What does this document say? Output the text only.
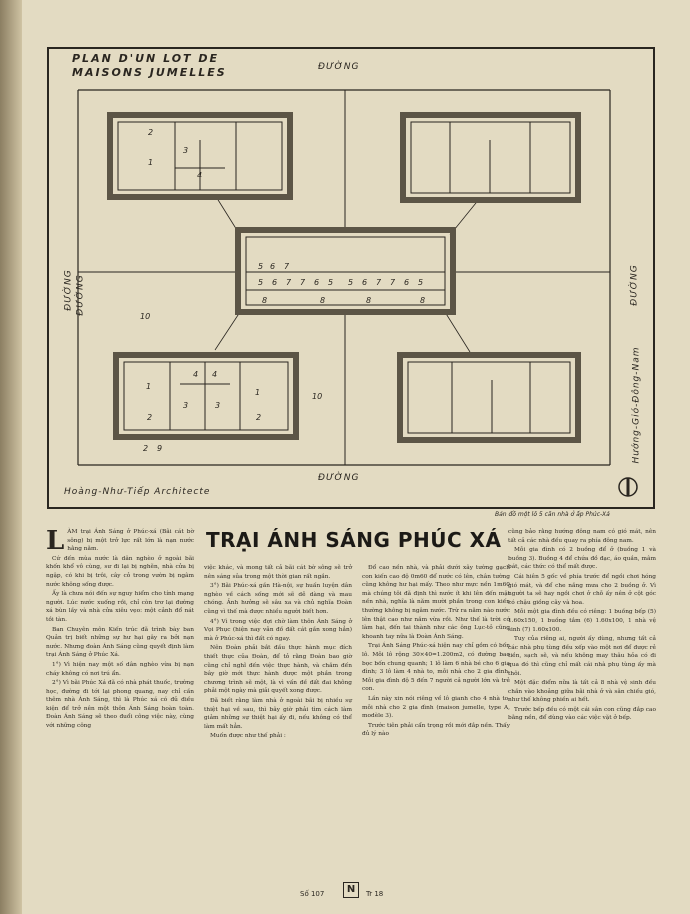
PLAN D'UN LOT DE
MAISONS JUMELLES	ĐƯỜNG
ĐƯỜNG
ĐƯỜNG ĐƯỜNG	ĐƯỜNG
Hướng-Gió-Đông-Nam
Hoàng-Như-Tiếp Architecte
Bản đồ một lô 5 căn nhà ở ấp Phúc-Xá
2
1
3
4
4 4
1
3	3
1
2	2
9
2
5 6 7
5 6 7 7 6 5 5 6 7 7 6 5
8	8	8	8
10
10
TRẠI ÁNH SÁNG PHÚC XÁ
L ÀM trại Ánh Sáng ở Phúc-xá (Bãi cát bờ sông) bị một trở lực rất lớn là nạn nước hằng năm.

Cứ đến mùa nước là dân nghèo ở ngoài bãi khốn khổ vô cùng, sư đi lại bị nghẽn, nhà cửa bị ngập, có khi bị trôi, cây cỏ trong vườn bị ngâm nước không sống được.

Ấy là chưa nói đến sự nguy hiểm cho tính mạng người. Lúc nước xuống rồi, chỉ còn trơ lại đường xá bùn lầy và nhà cửa xiêu vẹo: một cảnh đổ nát tồi tàn.

Ban Chuyên môn Kiến trúc đã trình bày ban Quản trị biết những sự hư hại gây ra bởi nạn nước. Nhưng đoàn Ánh Sáng cũng quyết định làm trại Ánh Sáng ở Phúc Xá.

1°) Vì hiện nay một số dân nghèo vừa bị nạn cháy không có nơi trú ẩn.

2°) Vì bãi Phúc Xá đã có nhà phát thuốc, trường học, đường đi tới lại phong quang, nay chỉ cần thêm nhà Ánh Sáng, thì là Phúc xá có đủ điều kiện để trở nên một thôn Ánh Sáng hoàn toàn. Đoàn Ánh Sáng sẽ theo đuổi công việc này, cùng với những công

việc khác, và mong tất cả bãi cát bờ sông sẽ trở nên sáng sủa trong một thời gian rất ngắn.

3°) Bãi Phúc-xá gần Hà-nội, sự huấn luyện dân nghèo về cách sống mới sẽ dễ dàng và mau chóng. Ảnh hưởng sẽ sâu xa và chủ nghĩa Đoàn cũng vì thế mà được nhiều người biết hơn.

4°) Vì trong việc đợi chờ làm thôn Ánh Sáng ở Vọi Phục (hiện nay vẫn đồ đất cát gần xong hẳn) mà ở Phúc-xá thì đất có ngay.

Nên Đoàn phải bắt đầu thực hành mục đích thiết thực của Đoàn, để tỏ rằng Đoàn bao giờ cũng chỉ nghĩ đến việc thực hành, và chăm đến bây giờ mới thực hành được một phần trong chương trình sẽ một, là vì vấn đề đất đai không phải một ngày mà giải quyết xong được.

Đã biết rằng làm nhà ở ngoài bãi bị nhiều sự thiệt hại về sau, thì bây giờ phải tìm cách làm giảm những sự thiệt hại ấy đi, nếu không có thể làm mất hẳn.

Muốn được như thế phải :

Đổ cao nền nhà, và phải dưới xây tường gạch con kiến cao độ 0m60 để nước có lên, chân tường cũng không hư hại mấy. Theo như mực nền 1m60 mà chúng tôi đã định thì nước ít khi lên đến mặt nền nhà, nghĩa là năm mười phần trong con kiến thường không bị ngâm nước. Trừ ra năm nào nước lên thật cao như năm vừa rồi. Như thế là trời có làm hại, đến tai thành như các ông Lục-tỏ cũng khoanh tay nữa là Đoàn Ánh Sáng.

Trại Ánh Sáng Phúc-xá hiện nay chỉ gồm có bốn lô. Mỗi lô rộng 30×40=1.200m2, có đường bao bọc bốn chung quanh; 1 lô làm 6 nhà bé cho 6 gia đình; 3 lô làm 4 nhà to, mỗi nhà cho 2 gia đình. Mỗi gia đình độ 5 đến 7 người cả người lớn và trẻ con.

Lần này xin nói riêng về lô gianh cho 4 nhà to, mỗi nhà cho 2 gia đình (maison jumelle, type A, modèle 3).

Trước tiên phải cẩn trọng rồi mới đắp nền. Thấy đủ lý nào

cũng bảo rằng hướng đông nam có gió mát, nên tất cả các nhà đều quay ra phía đông nam.

Mỗi gia đình có 2 buồng để ở (buồng 1 và buồng 3). Buồng 4 để chứa đồ đạc, áo quần, mâm bát, các thức có thể mất được.

Cái hiên 5 gốc về phía trước để ngồi chơi hóng gió mát, và để che nắng mưa cho 2 buồng ở. Vì người ta sẽ hay ngồi chơi ở chỗ ấy nên ở cột góc có chậu giồng cây và hoa.

Mỗi một gia đình đều có riêng: 1 buồng bếp (5) 1.60x150, 1 buồng tắm (6) 1.60x100, 1 nhà vệ sinh (7) 1.60x100.

Tuy của riêng ai, người ấy dùng, nhưng tất cả các nhà phụ tùng đều xếp vào một nơi để được rẻ tiền, sạch sẽ, và nếu không may thâu hỏa có đi qua đó thì cũng chỉ mất cái nhà phụ tùng ấy mà thôi.

Một đặc điểm nữa là tất cả 8 nhà vệ sinh đều chắn vào khoảng giữa bãi nhà ở và sân chiếu gió, như thế không phiền ai hết.

Trước bếp đều có một cái sân con cũng đắp cao bằng nền, để dùng vào các việc vặt ở bếp.

Số 107	N	Tr 18
